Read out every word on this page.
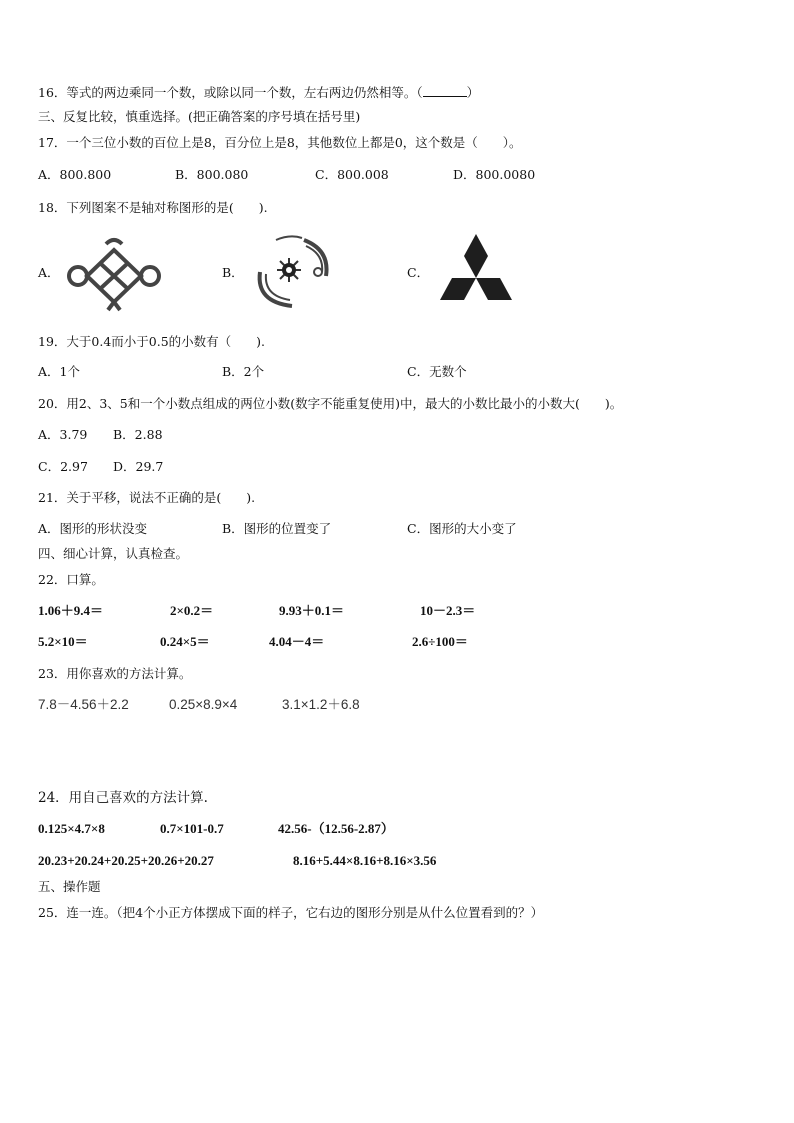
16．等式的两边乘同一个数，或除以同一个数，左右两边仍然相等。（	）
三、反复比较，慎重选择。(把正确答案的序号填在括号里)
17．一个三位小数的百位上是8，百分位上是8，其他数位上都是0，这个数是（　　）。
A．800.800	B．800.080	C．800.008	D．800.0080
18．下列图案不是轴对称图形的是(　　).
A．	B．	C．
19．大于0.4而小于0.5的小数有（　　).
A．1个	B．2个	C．无数个
20．用2、3、5和一个小数点组成的两位小数(数字不能重复使用)中，最大的小数比最小的小数大(　　)。
A．3.79 B．2.88
C．2.97 D．29.7
21．关于平移，说法不正确的是(　　).
A．图形的形状没变	B．图形的位置变了	C．图形的大小变了
四、细心计算，认真检查。
22．口算。
1.06＋9.4＝	2×0.2＝	9.93＋0.1＝	10－2.3＝
5.2×10＝	0.24×5＝	4.04－4＝	2.6÷100＝
23．用你喜欢的方法计算。
7.8－4.56＋2.2	0.25×8.9×4	3.1×1.2＋6.8
24．用自己喜欢的方法计算.
0.125×4.7×8	0.7×101-0.7	42.56-（12.56-2.87）
20.23+20.24+20.25+20.26+20.27	8.16+5.44×8.16+8.16×3.56
五、操作题
25．连一连。（把4个小正方体摆成下面的样子，它右边的图形分别是从什么位置看到的？）
